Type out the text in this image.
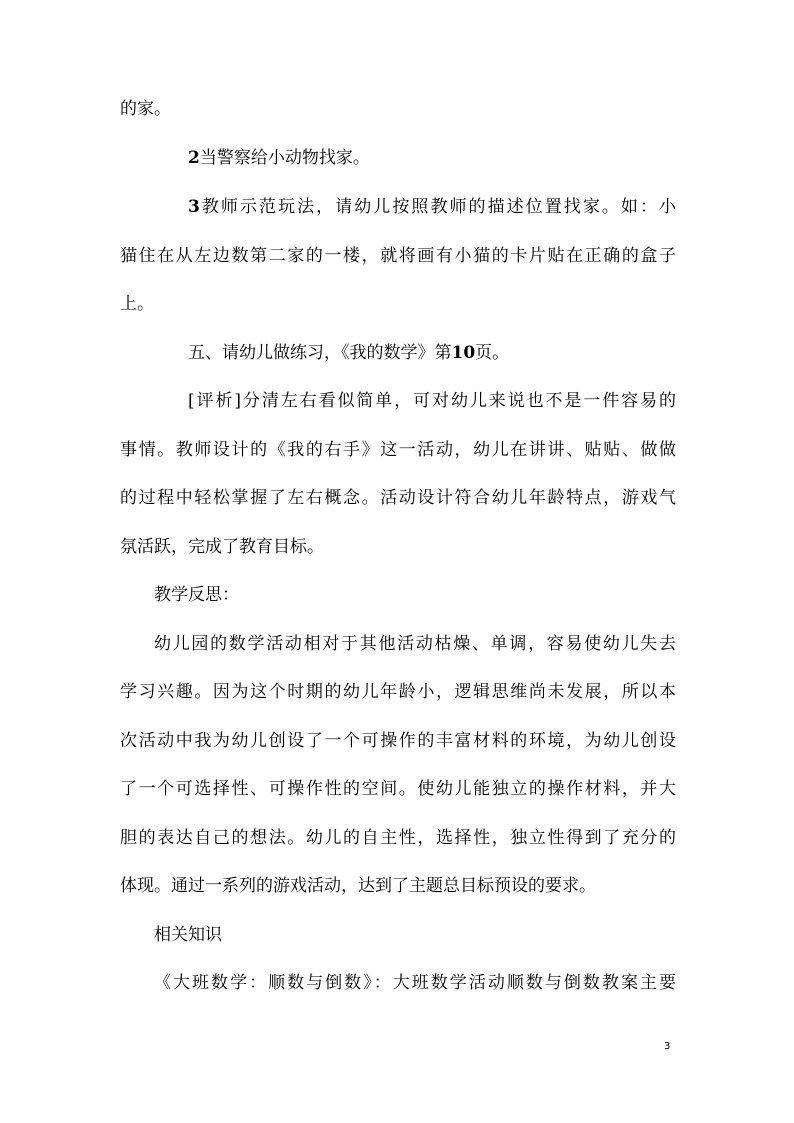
的家。
2当警察给小动物找家。
3教师示范玩法，请幼儿按照教师的描述位置找家。如：小
猫住在从左边数第二家的一楼，就将画有小猫的卡片贴在正确的盒子
上。
五、请幼儿做练习，《我的数学》第10页。
[评析]分清左右看似简单，可对幼儿来说也不是一件容易的
事情。教师设计的《我的右手》这一活动，幼儿在讲讲、贴贴、做做
的过程中轻松掌握了左右概念。活动设计符合幼儿年龄特点，游戏气
氛活跃，完成了教育目标。
教学反思：
幼儿园的数学活动相对于其他活动枯燥、单调，容易使幼儿失去
学习兴趣。因为这个时期的幼儿年龄小，逻辑思维尚未发展，所以本
次活动中我为幼儿创设了一个可操作的丰富材料的环境，为幼儿创设
了一个可选择性、可操作性的空间。使幼儿能独立的操作材料，并大
胆的表达自己的想法。幼儿的自主性，选择性，独立性得到了充分的
体现。通过一系列的游戏活动，达到了主题总目标预设的要求。
相关知识
《大班数学：顺数与倒数》：大班数学活动顺数与倒数教案主要
3
